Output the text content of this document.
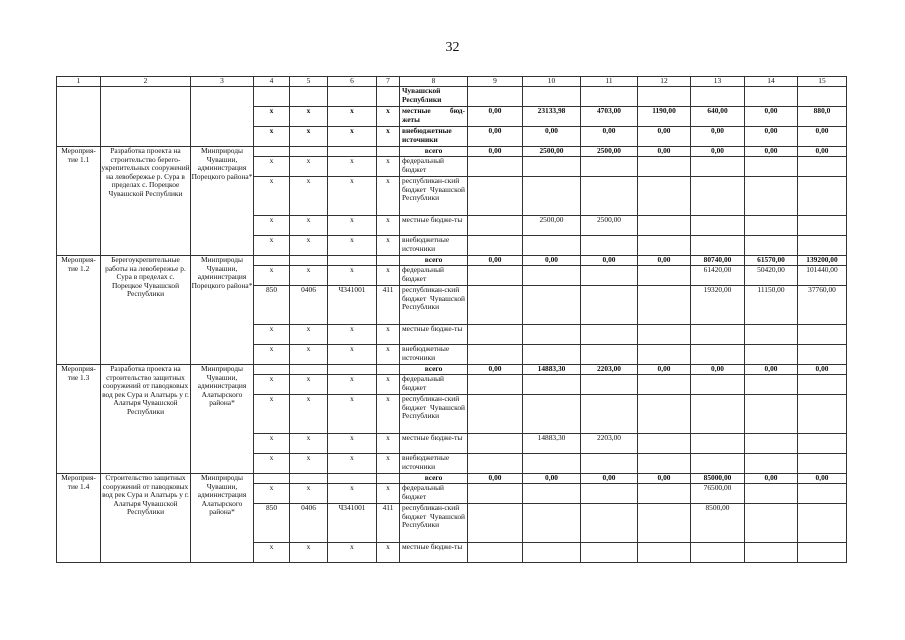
32
1	2	3	4	5	6	7	8	9	10	11	12	13	14	15
							Чувашской Республики							
			x	x	x	x	местные бюд-жеты	0,00	23133,98	4703,00	1190,00	640,00	0,00	880,0
			x	x	x	x	внебюджетные источники	0,00	0,00	0,00	0,00	0,00	0,00	0,00
Мероприя-тие 1.1	Разработка проекта на строительство берего-укрепительных сооружений на левобережье р. Сура в пределах с. Порецкое Чувашской Республики	Минприроды Чувашии, администрация Порецкого района*					всего	0,00	2500,00	2500,00	0,00	0,00	0,00	0,00
			x	x	x	x	федеральный бюджет							
			x	x	x	x	республикан-ский бюджет Чувашской Республики							
			x	x	x	x	местные бюдже-ты		2500,00	2500,00				
			x	x	x	x	внебюджетные источники							
Мероприя-тие 1.2	Берегоукрепительные работы на левобережье р. Сура в пределах с. Порецкое Чувашской Республики	Минприроды Чувашии, администрация Порецкого района*					всего	0,00	0,00	0,00	0,00	80740,00	61570,00	139200,00
			x	x	x	x	федеральный бюджет					61420,00	50420,00	101440,00
			850	0406	Ч341001	411	республикан-ский бюджет Чувашской Республики					19320,00	11150,00	37760,00
			x	x	x	x	местные бюдже-ты							
			x	x	x	x	внебюджетные источники							
Мероприя-тие 1.3	Разработка проекта на строительство защитных сооружений от паводковых вод рек Сура и Алатырь у г. Алатыря Чувашской Республики	Минприроды Чувашии, администрация Алатырского района*					всего	0,00	14883,30	2203,00	0,00	0,00	0,00	0,00
			x	x	x	x	федеральный бюджет							
			x	x	x	x	республикан-ский бюджет Чувашской Республики							
			x	x	x	x	местные бюдже-ты		14883,30	2203,00				
			x	x	x	x	внебюджетные источники							
Мероприя-тие 1.4	Строительство защитных сооружений от паводковых вод рек Сура и Алатырь у г. Алатыря Чувашской Республики	Минприроды Чувашии, администрация Алатырского района*					всего	0,00	0,00	0,00	0,00	85000,00	0,00	0,00
			x	x	x	x	федеральный бюджет					76500,00		
			850	0406	Ч341001	411	республикан-ский бюджет Чувашской Республики					8500,00		
			x	x	x	x	местные бюдже-ты							
